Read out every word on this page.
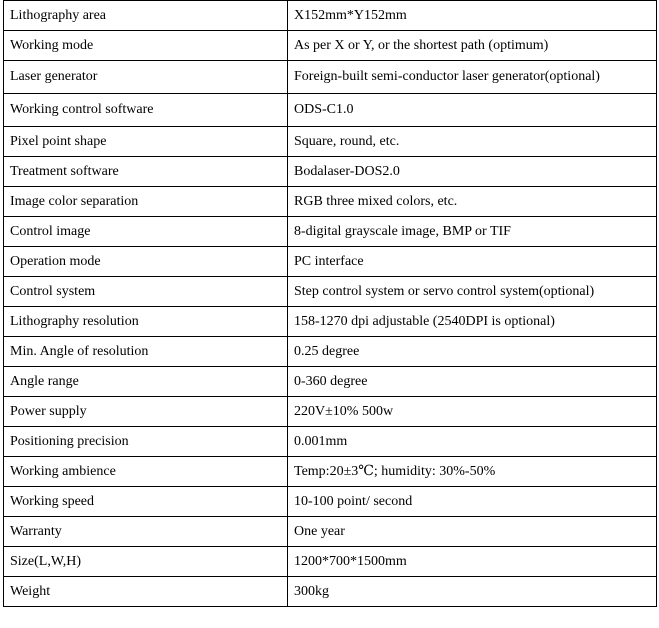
Lithography area	X152mm*Y152mm
Working mode	As per X or Y, or the shortest path (optimum)
Laser generator	Foreign-built semi-conductor laser generator(optional)
Working control software	ODS-C1.0
Pixel point shape	Square, round, etc.
Treatment software	Bodalaser-DOS2.0
Image color separation	RGB three mixed colors, etc.
Control image	8-digital grayscale image, BMP or TIF
Operation mode	PC interface
Control system	Step control system or servo control system(optional)
Lithography resolution	158-1270 dpi adjustable (2540DPI is optional)
Min. Angle of resolution	0.25 degree
Angle range	0-360 degree
Power supply	220V±10% 500w
Positioning precision	0.001mm
Working ambience	Temp:20±3℃; humidity: 30%-50%
Working speed	10-100 point/ second
Warranty	One year
Size(L,W,H)	1200*700*1500mm
Weight	300kg
